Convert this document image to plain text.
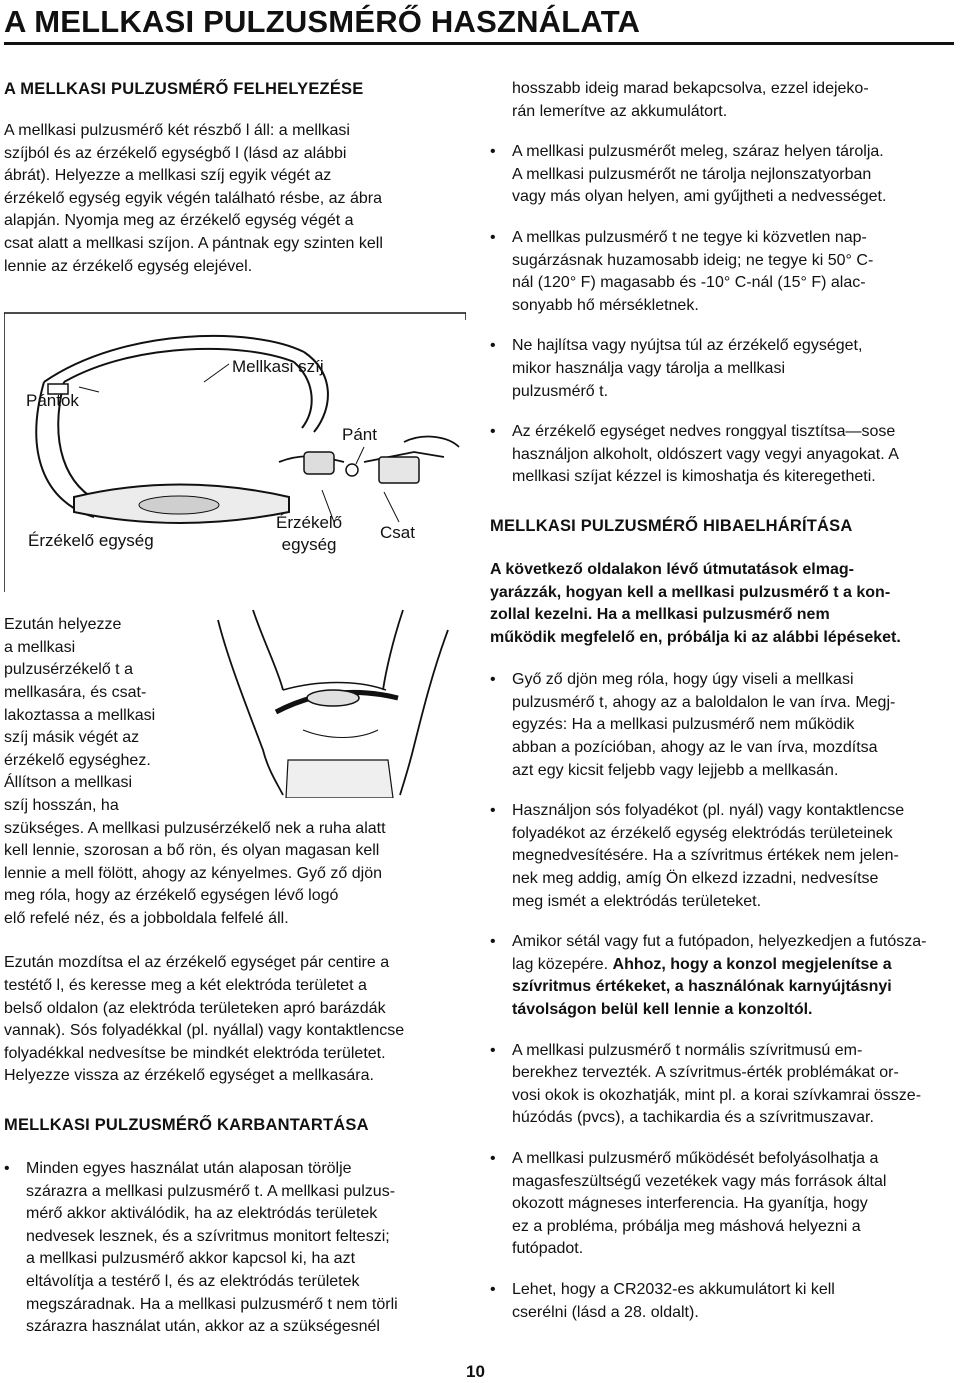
A MELLKASI PULZUSMÉRŐ HASZNÁLATA
A MELLKASI PULZUSMÉRŐ FELHELYEZÉSE

A mellkasi pulzusmérő két részbő l áll: a mellkasi
szíjból és az érzékelő egységbő l (lásd az alábbi
ábrát). Helyezze a mellkasi szíj egyik végét az
érzékelő egység egyik végén található résbe, az ábra
alapján. Nyomja meg az érzékelő egység végét a
csat alatt a mellkasi szíjon. A pántnak egy szinten kell
lennie az érzékelő egység elejével.

Pántok
Mellkasi szíj
Pánt
Érzékelő egység
Érzékelő
egység
Csat

Ezután helyezze
a mellkasi
pulzusérzékelő t a
mellkasára, és csat-
lakoztassa a mellkasi
szíj másik végét az
érzékelő egységhez.
Állítson a mellkasi
szíj hosszán, ha
szükséges. A mellkasi pulzusérzékelő nek a ruha alatt
kell lennie, szorosan a bő rön, és olyan magasan kell
lennie a mell fölött, ahogy az kényelmes. Győ ző djön
meg róla, hogy az érzékelő egységen lévő logó
elő refelé néz, és a jobboldala felfelé áll.

Ezután mozdítsa el az érzékelő egységet pár centire a
testétő l, és keresse meg a két elektróda területet a
belső oldalon (az elektróda területeken apró barázdák
vannak). Sós folyadékkal (pl. nyállal) vagy kontaktlencse
folyadékkal nedvesítse be mindkét elektróda területet.
Helyezze vissza az érzékelő egységet a mellkasára.

MELLKASI PULZUSMÉRŐ KARBANTARTÁSA
• Minden egyes használat után alaposan törölje
szárazra a mellkasi pulzusmérő t. A mellkasi pulzus-
mérő akkor aktiválódik, ha az elektródás területek
nedvesek lesznek, és a szívritmus monitort felteszi;
a mellkasi pulzusmérő akkor kapcsol ki, ha azt
eltávolítja a testérő l, és az elektródás területek
megszáradnak. Ha a mellkasi pulzusmérő t nem törli
szárazra használat után, akkor az a szükségesnél

hosszabb ideig marad bekapcsolva, ezzel idejeko-
rán lemerítve az akkumulátort.

• A mellkasi pulzusmérőt meleg, száraz helyen tárolja.
A mellkasi pulzusmérőt ne tárolja nejlonszatyorban
vagy más olyan helyen, ami gyűjtheti a nedvességet.
• A mellkas pulzusmérő t ne tegye ki közvetlen nap-
sugárzásnak huzamosabb ideig; ne tegye ki 50° C-
nál (120° F) magasabb és -10° C-nál (15° F) alac-
sonyabb hő mérsékletnek.
• Ne hajlítsa vagy nyújtsa túl az érzékelő egységet,
mikor használja vagy tárolja a mellkasi
pulzusmérő t.
• Az érzékelő egységet nedves ronggyal tisztítsa—sose
használjon alkoholt, oldószert vagy vegyi anyagokat. A
mellkasi szíjat kézzel is kimoshatja és kiteregetheti.
MELLKASI PULZUSMÉRŐ HIBAELHÁRÍTÁSA

A következő oldalakon lévő útmutatások elmag-
yarázzák, hogyan kell a mellkasi pulzusmérő t a kon-
zollal kezelni. Ha a mellkasi pulzusmérő nem
működik megfelelő en, próbálja ki az alábbi lépéseket.

• Győ ző djön meg róla, hogy úgy viseli a mellkasi
pulzusmérő t, ahogy az a baloldalon le van írva. Megj-
egyzés: Ha a mellkasi pulzusmérő nem működik
abban a pozícióban, ahogy az le van írva, mozdítsa
azt egy kicsit feljebb vagy lejjebb a mellkasán.
• Használjon sós folyadékot (pl. nyál) vagy kontaktlencse
folyadékot az érzékelő egység elektródás területeinek
megnedvesítésére. Ha a szívritmus értékek nem jelen-
nek meg addig, amíg Ön elkezd izzadni, nedvesítse
meg ismét a elektródás területeket.
• Amikor sétál vagy fut a futópadon, helyezkedjen a futósza-
lag közepére. Ahhoz, hogy a konzol megjelenítse a
szívritmus értékeket, a használónak karnyújtásnyi
távolságon belül kell lennie a konzoltól.
• A mellkasi pulzusmérő t normális szívritmusú em-
berekhez tervezték. A szívritmus-érték problémákat or-
vosi okok is okozhatják, mint pl. a korai szívkamrai össze-
húzódás (pvcs), a tachikardia és a szívritmuszavar.
• A mellkasi pulzusmérő működését befolyásolhatja a
magasfeszültségű vezetékek vagy más források által
okozott mágneses interferencia. Ha gyanítja, hogy
ez a probléma, próbálja meg máshová helyezni a
futópadot.
• Lehet, hogy a CR2032-es akkumulátort ki kell
cserélni (lásd a 28. oldalt).
10
